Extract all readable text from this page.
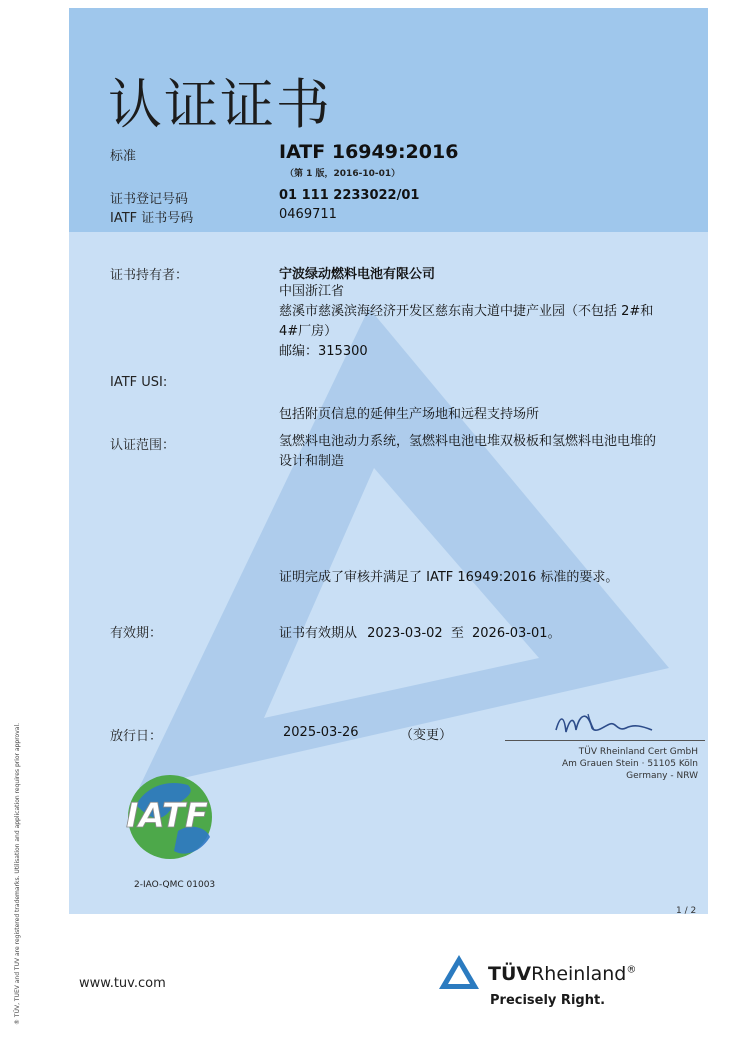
认证证书
标准	IATF 16949:2016
（第 1 版，2016-10-01）
证书登记号码	01 111 2233022/01
IATF 证书号码	0469711
证书持有者：	宁波绿动燃料电池有限公司
中国浙江省
慈溪市慈溪滨海经济开发区慈东南大道中捷产业园（不包括 2#和
4#厂房）
邮编：315300
IATF USI:
包括附页信息的延伸生产场地和远程支持场所
认证范围：	氢燃料电池动力系统，氢燃料电池电堆双极板和氢燃料电池电堆的
设计和制造
证明完成了审核并满足了 IATF 16949:2016 标准的要求。
有效期：	证书有效期从 2023-03-02 至 2026-03-01。
放行日：	2025-03-26	（变更）
TÜV Rheinland Cert GmbH
Am Grauen Stein · 51105 Köln
Germany - NRW
IATF
2-IAO-QMC 01003
1 / 2
® TÜV, TUEV and TUV are registered trademarks. Utilisation and application requires prior approval.	www.tuv.com	TÜVRheinland®
Precisely Right.
